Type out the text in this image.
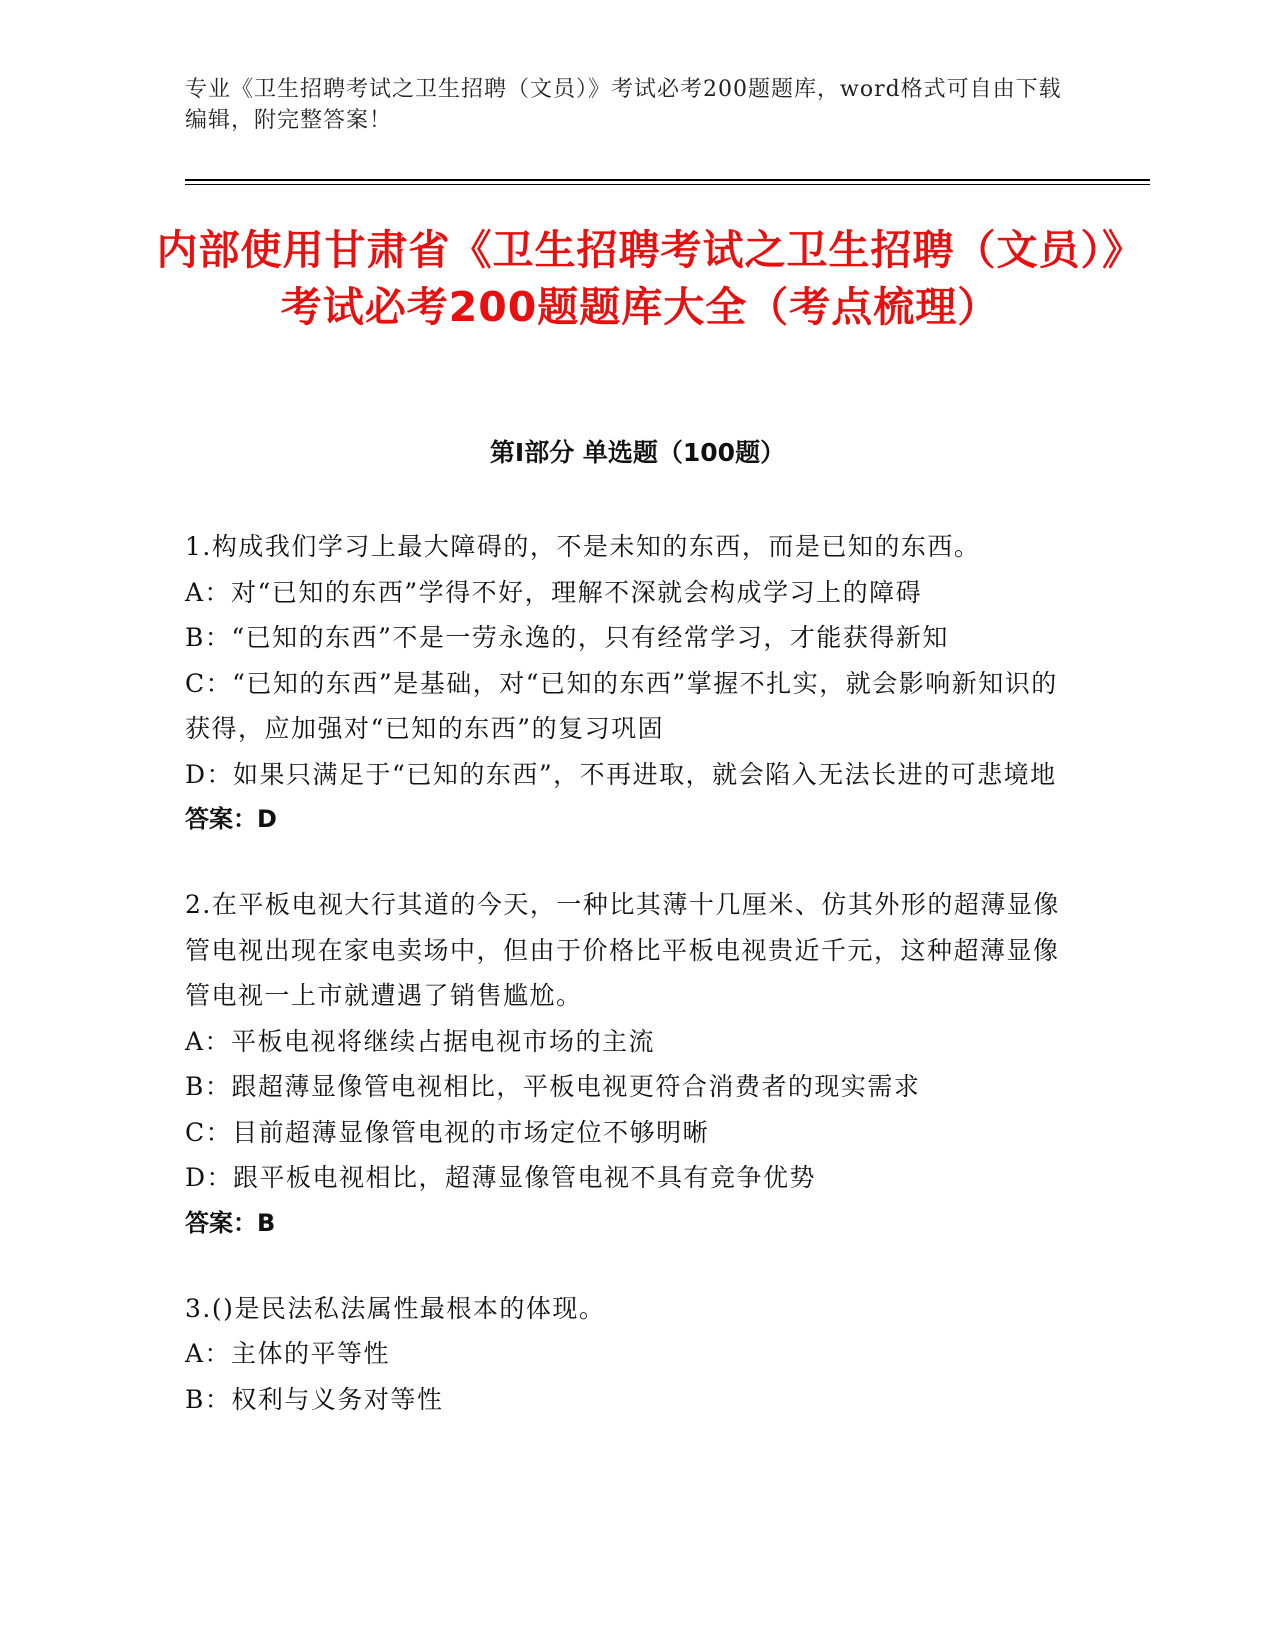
专业《卫生招聘考试之卫生招聘（文员）》考试必考200题题库，word格式可自由下载编辑，附完整答案！
内部使用甘肃省《卫生招聘考试之卫生招聘（文员）》考试必考200题题库大全（考点梳理）
第Ⅰ部分 单选题（100题）

1.构成我们学习上最大障碍的，不是未知的东西，而是已知的东西。

A：对“已知的东西”学得不好，理解不深就会构成学习上的障碍

B：“已知的东西”不是一劳永逸的，只有经常学习，才能获得新知

C：“已知的东西”是基础，对“已知的东西”掌握不扎实，就会影响新知识的获得，应加强对“已知的东西”的复习巩固

D：如果只满足于“已知的东西”，不再进取，就会陷入无法长进的可悲境地

答案：D

2.在平板电视大行其道的今天，一种比其薄十几厘米、仿其外形的超薄显像管电视出现在家电卖场中，但由于价格比平板电视贵近千元，这种超薄显像管电视一上市就遭遇了销售尴尬。

A：平板电视将继续占据电视市场的主流

B：跟超薄显像管电视相比，平板电视更符合消费者的现实需求

C：目前超薄显像管电视的市场定位不够明晰

D：跟平板电视相比，超薄显像管电视不具有竞争优势

答案：B

3.()是民法私法属性最根本的体现。

A：主体的平等性

B：权利与义务对等性
